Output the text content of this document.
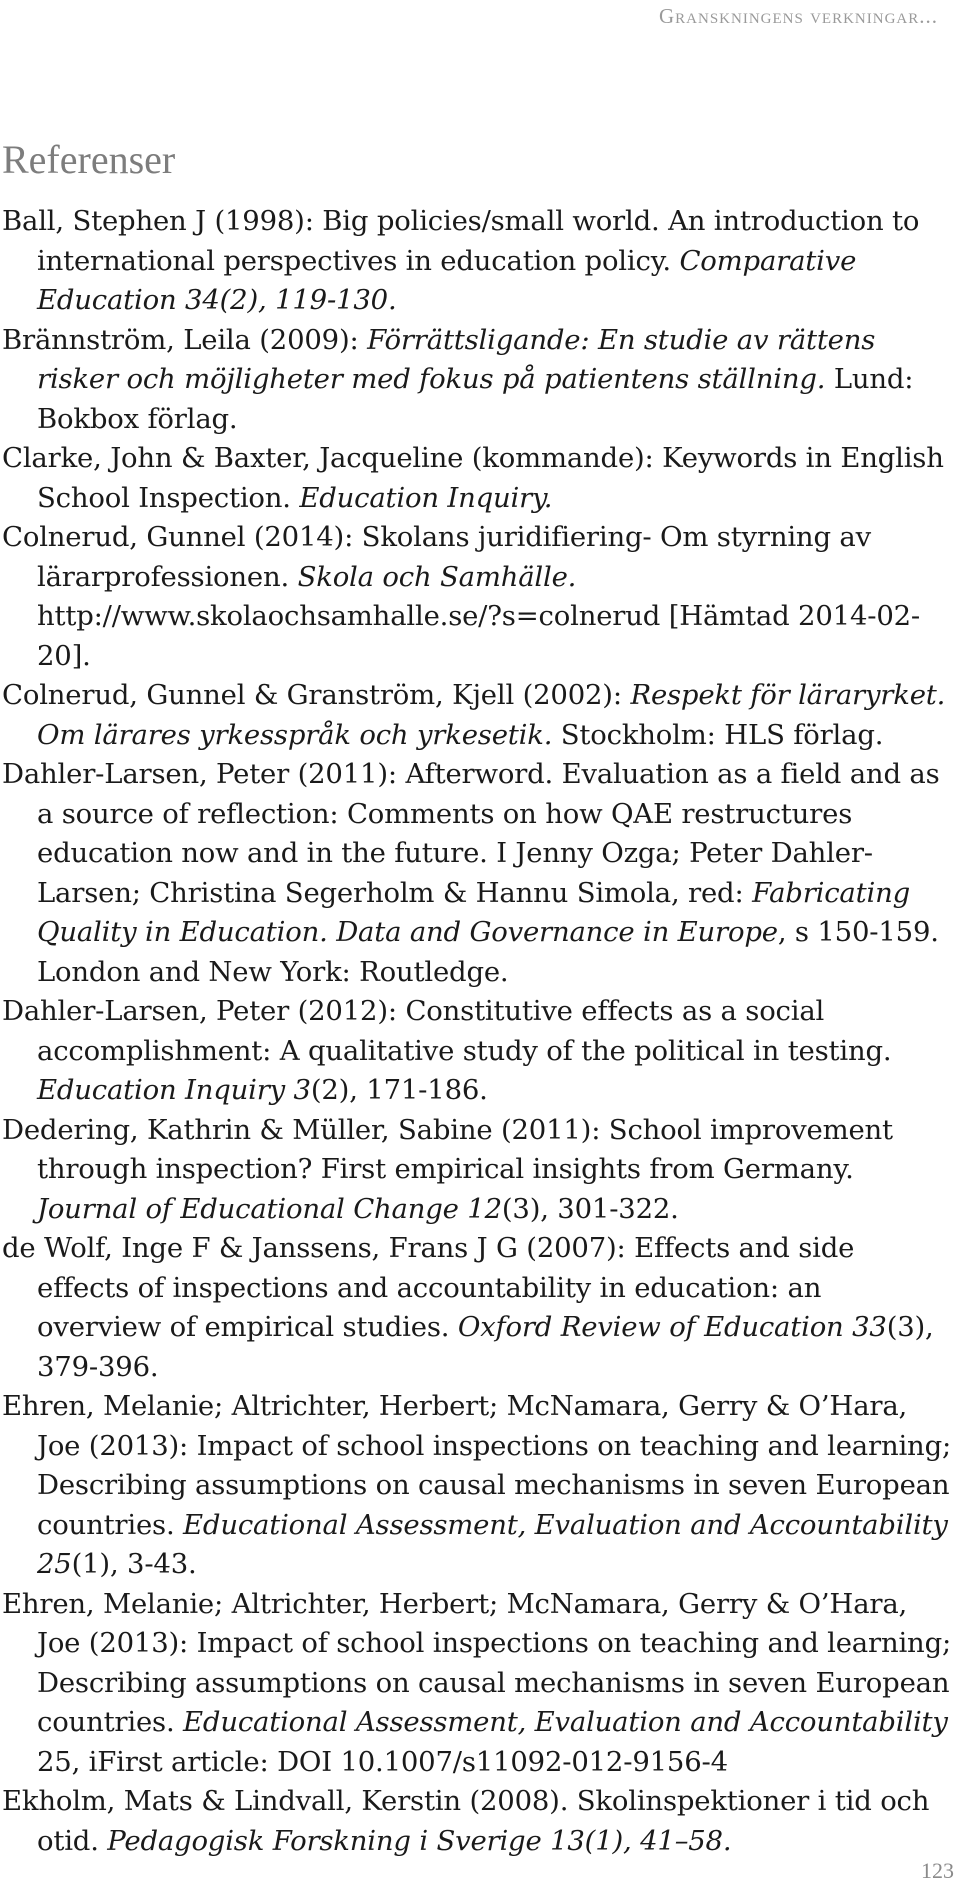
Granskningens verkningar...
Referenser

Ball, Stephen J (1998): Big policies/small world. An introduction to international perspectives in education policy. Comparative Education 34(2), 119-130.

Brännström, Leila (2009): Förrättsligande: En studie av rättens risker och möjligheter med fokus på patientens ställning. Lund: Bokbox förlag.

Clarke, John & Baxter, Jacqueline (kommande): Keywords in English School Inspection. Education Inquiry.

Colnerud, Gunnel (2014): Skolans juridifiering- Om styrning av lärarprofessionen. Skola och Samhälle. http://www.skolaochsamhalle.se/?s=colnerud [Hämtad 2014-02-20].

Colnerud, Gunnel & Granström, Kjell (2002): Respekt för läraryrket. Om lärares yrkesspråk och yrkesetik. Stockholm: HLS förlag.

Dahler-Larsen, Peter (2011): Afterword. Evaluation as a field and as a source of reflection: Comments on how QAE restructures education now and in the future. I Jenny Ozga; Peter Dahler-Larsen; Christina Segerholm & Hannu Simola, red: Fabricating Quality in Education. Data and Governance in Europe, s 150-159. London and New York: Routledge.

Dahler-Larsen, Peter (2012): Constitutive effects as a social accomplishment: A qualitative study of the political in testing. Education Inquiry 3(2), 171-186.

Dedering, Kathrin & Müller, Sabine (2011): School improvement through inspection? First empirical insights from Germany. Journal of Educational Change 12(3), 301-322.

de Wolf, Inge F & Janssens, Frans J G (2007): Effects and side effects of inspections and accountability in education: an overview of empirical studies. Oxford Review of Education 33(3), 379-396.

Ehren, Melanie; Altrichter, Herbert; McNamara, Gerry & O’Hara, Joe (2013): Impact of school inspections on teaching and learning; Describing assumptions on causal mechanisms in seven European countries. Educational Assessment, Evaluation and Accountability 25(1), 3-43.

Ehren, Melanie; Altrichter, Herbert; McNamara, Gerry & O’Hara, Joe (2013): Impact of school inspections on teaching and learning; Describing assumptions on causal mechanisms in seven European countries. Educational Assessment, Evaluation and Accountability 25, iFirst article: DOI 10.1007/s11092-012-9156-4

Ekholm, Mats & Lindvall, Kerstin (2008). Skolinspektioner i tid och otid. Pedagogisk Forskning i Sverige 13(1), 41–58.

123
